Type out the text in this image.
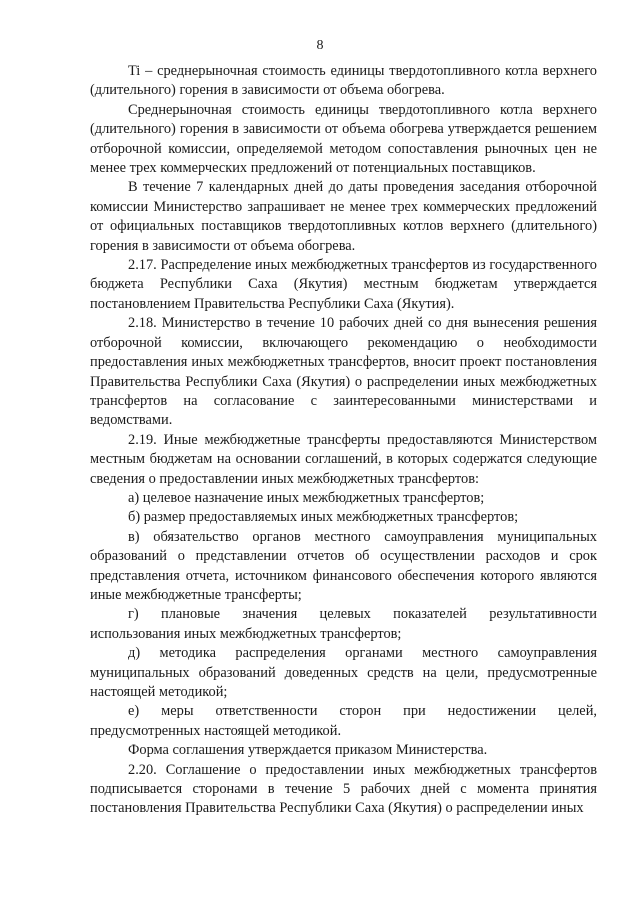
8

Ti – среднерыночная стоимость единицы твердотопливного котла верхнего (длительного) горения в зависимости от объема обогрева.

Среднерыночная стоимость единицы твердотопливного котла верхнего (длительного) горения в зависимости от объема обогрева утверждается решением отборочной комиссии, определяемой методом сопоставления рыночных цен не менее трех коммерческих предложений от потенциальных поставщиков.

В течение 7 календарных дней до даты проведения заседания отборочной комиссии Министерство запрашивает не менее трех коммерческих предложений от официальных поставщиков твердотопливных котлов верхнего (длительного) горения в зависимости от объема обогрева.

2.17. Распределение иных межбюджетных трансфертов из государственного бюджета Республики Саха (Якутия) местным бюджетам утверждается постановлением Правительства Республики Саха (Якутия).

2.18. Министерство в течение 10 рабочих дней со дня вынесения решения отборочной комиссии, включающего рекомендацию о необходимости предоставления иных межбюджетных трансфертов, вносит проект постановления Правительства Республики Саха (Якутия) о распределении иных межбюджетных трансфертов на согласование с заинтересованными министерствами и ведомствами.

2.19. Иные межбюджетные трансферты предоставляются Министерством местным бюджетам на основании соглашений, в которых содержатся следующие сведения о предоставлении иных межбюджетных трансфертов:

а) целевое назначение иных межбюджетных трансфертов;

б) размер предоставляемых иных межбюджетных трансфертов;

в) обязательство органов местного самоуправления муниципальных образований о представлении отчетов об осуществлении расходов и срок представления отчета, источником финансового обеспечения которого являются иные межбюджетные трансферты;

г) плановые значения целевых показателей результативности использования иных межбюджетных трансфертов;

д) методика распределения органами местного самоуправления муниципальных образований доведенных средств на цели, предусмотренные настоящей методикой;

е) меры ответственности сторон при недостижении целей, предусмотренных настоящей методикой.

Форма соглашения утверждается приказом Министерства.

2.20. Соглашение о предоставлении иных межбюджетных трансфертов подписывается сторонами в течение 5 рабочих дней с момента принятия постановления Правительства Республики Саха (Якутия) о распределении иных
